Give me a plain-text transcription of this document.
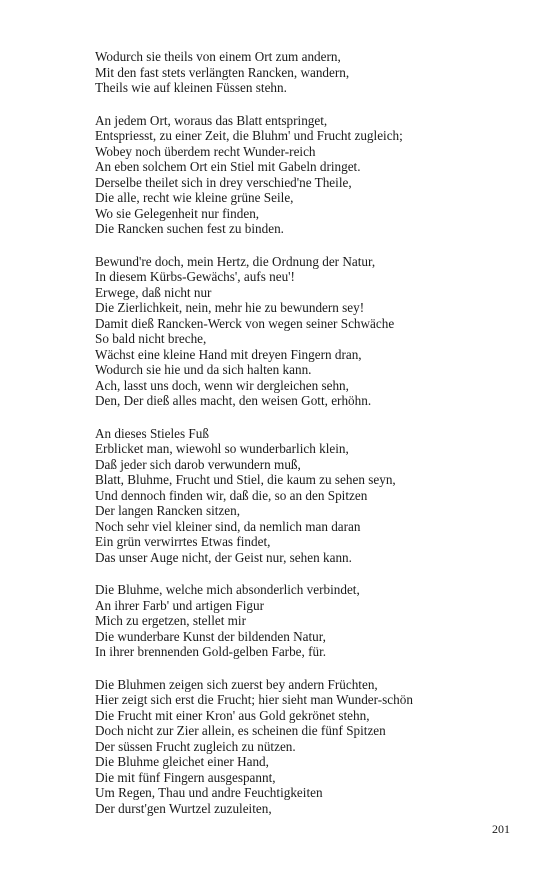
Wodurch sie theils von einem Ort zum andern,
Mit den fast stets verlängten Rancken, wandern,
Theils wie auf kleinen Füssen stehn.
An jedem Ort, woraus das Blatt entspringet,
Entspriesst, zu einer Zeit, die Bluhm' und Frucht zugleich;
Wobey noch überdem recht Wunder-reich
An eben solchem Ort ein Stiel mit Gabeln dringet.
Derselbe theilet sich in drey verschied'ne Theile,
Die alle, recht wie kleine grüne Seile,
Wo sie Gelegenheit nur finden,
Die Rancken suchen fest zu binden.
Bewund're doch, mein Hertz, die Ordnung der Natur,
In diesem Kürbs-Gewächs', aufs neu'!
Erwege, daß nicht nur
Die Zierlichkeit, nein, mehr hie zu bewundern sey!
Damit dieß Rancken-Werck von wegen seiner Schwäche
So bald nicht breche,
Wächst eine kleine Hand mit dreyen Fingern dran,
Wodurch sie hie und da sich halten kann.
Ach, lasst uns doch, wenn wir dergleichen sehn,
Den, Der dieß alles macht, den weisen Gott, erhöhn.
An dieses Stieles Fuß
Erblicket man, wiewohl so wunderbarlich klein,
Daß jeder sich darob verwundern muß,
Blatt, Bluhme, Frucht und Stiel, die kaum zu sehen seyn,
Und dennoch finden wir, daß die, so an den Spitzen
Der langen Rancken sitzen,
Noch sehr viel kleiner sind, da nemlich man daran
Ein grün verwirrtes Etwas findet,
Das unser Auge nicht, der Geist nur, sehen kann.
Die Bluhme, welche mich absonderlich verbindet,
An ihrer Farb' und artigen Figur
Mich zu ergetzen, stellet mir
Die wunderbare Kunst der bildenden Natur,
In ihrer brennenden Gold-gelben Farbe, für.
Die Bluhmen zeigen sich zuerst bey andern Früchten,
Hier zeigt sich erst die Frucht; hier sieht man Wunder-schön
Die Frucht mit einer Kron' aus Gold gekrönet stehn,
Doch nicht zur Zier allein, es scheinen die fünf Spitzen
Der süssen Frucht zugleich zu nützen.
Die Bluhme gleichet einer Hand,
Die mit fünf Fingern ausgespannt,
Um Regen, Thau und andre Feuchtigkeiten
Der durst'gen Wurtzel zuzuleiten,
201
